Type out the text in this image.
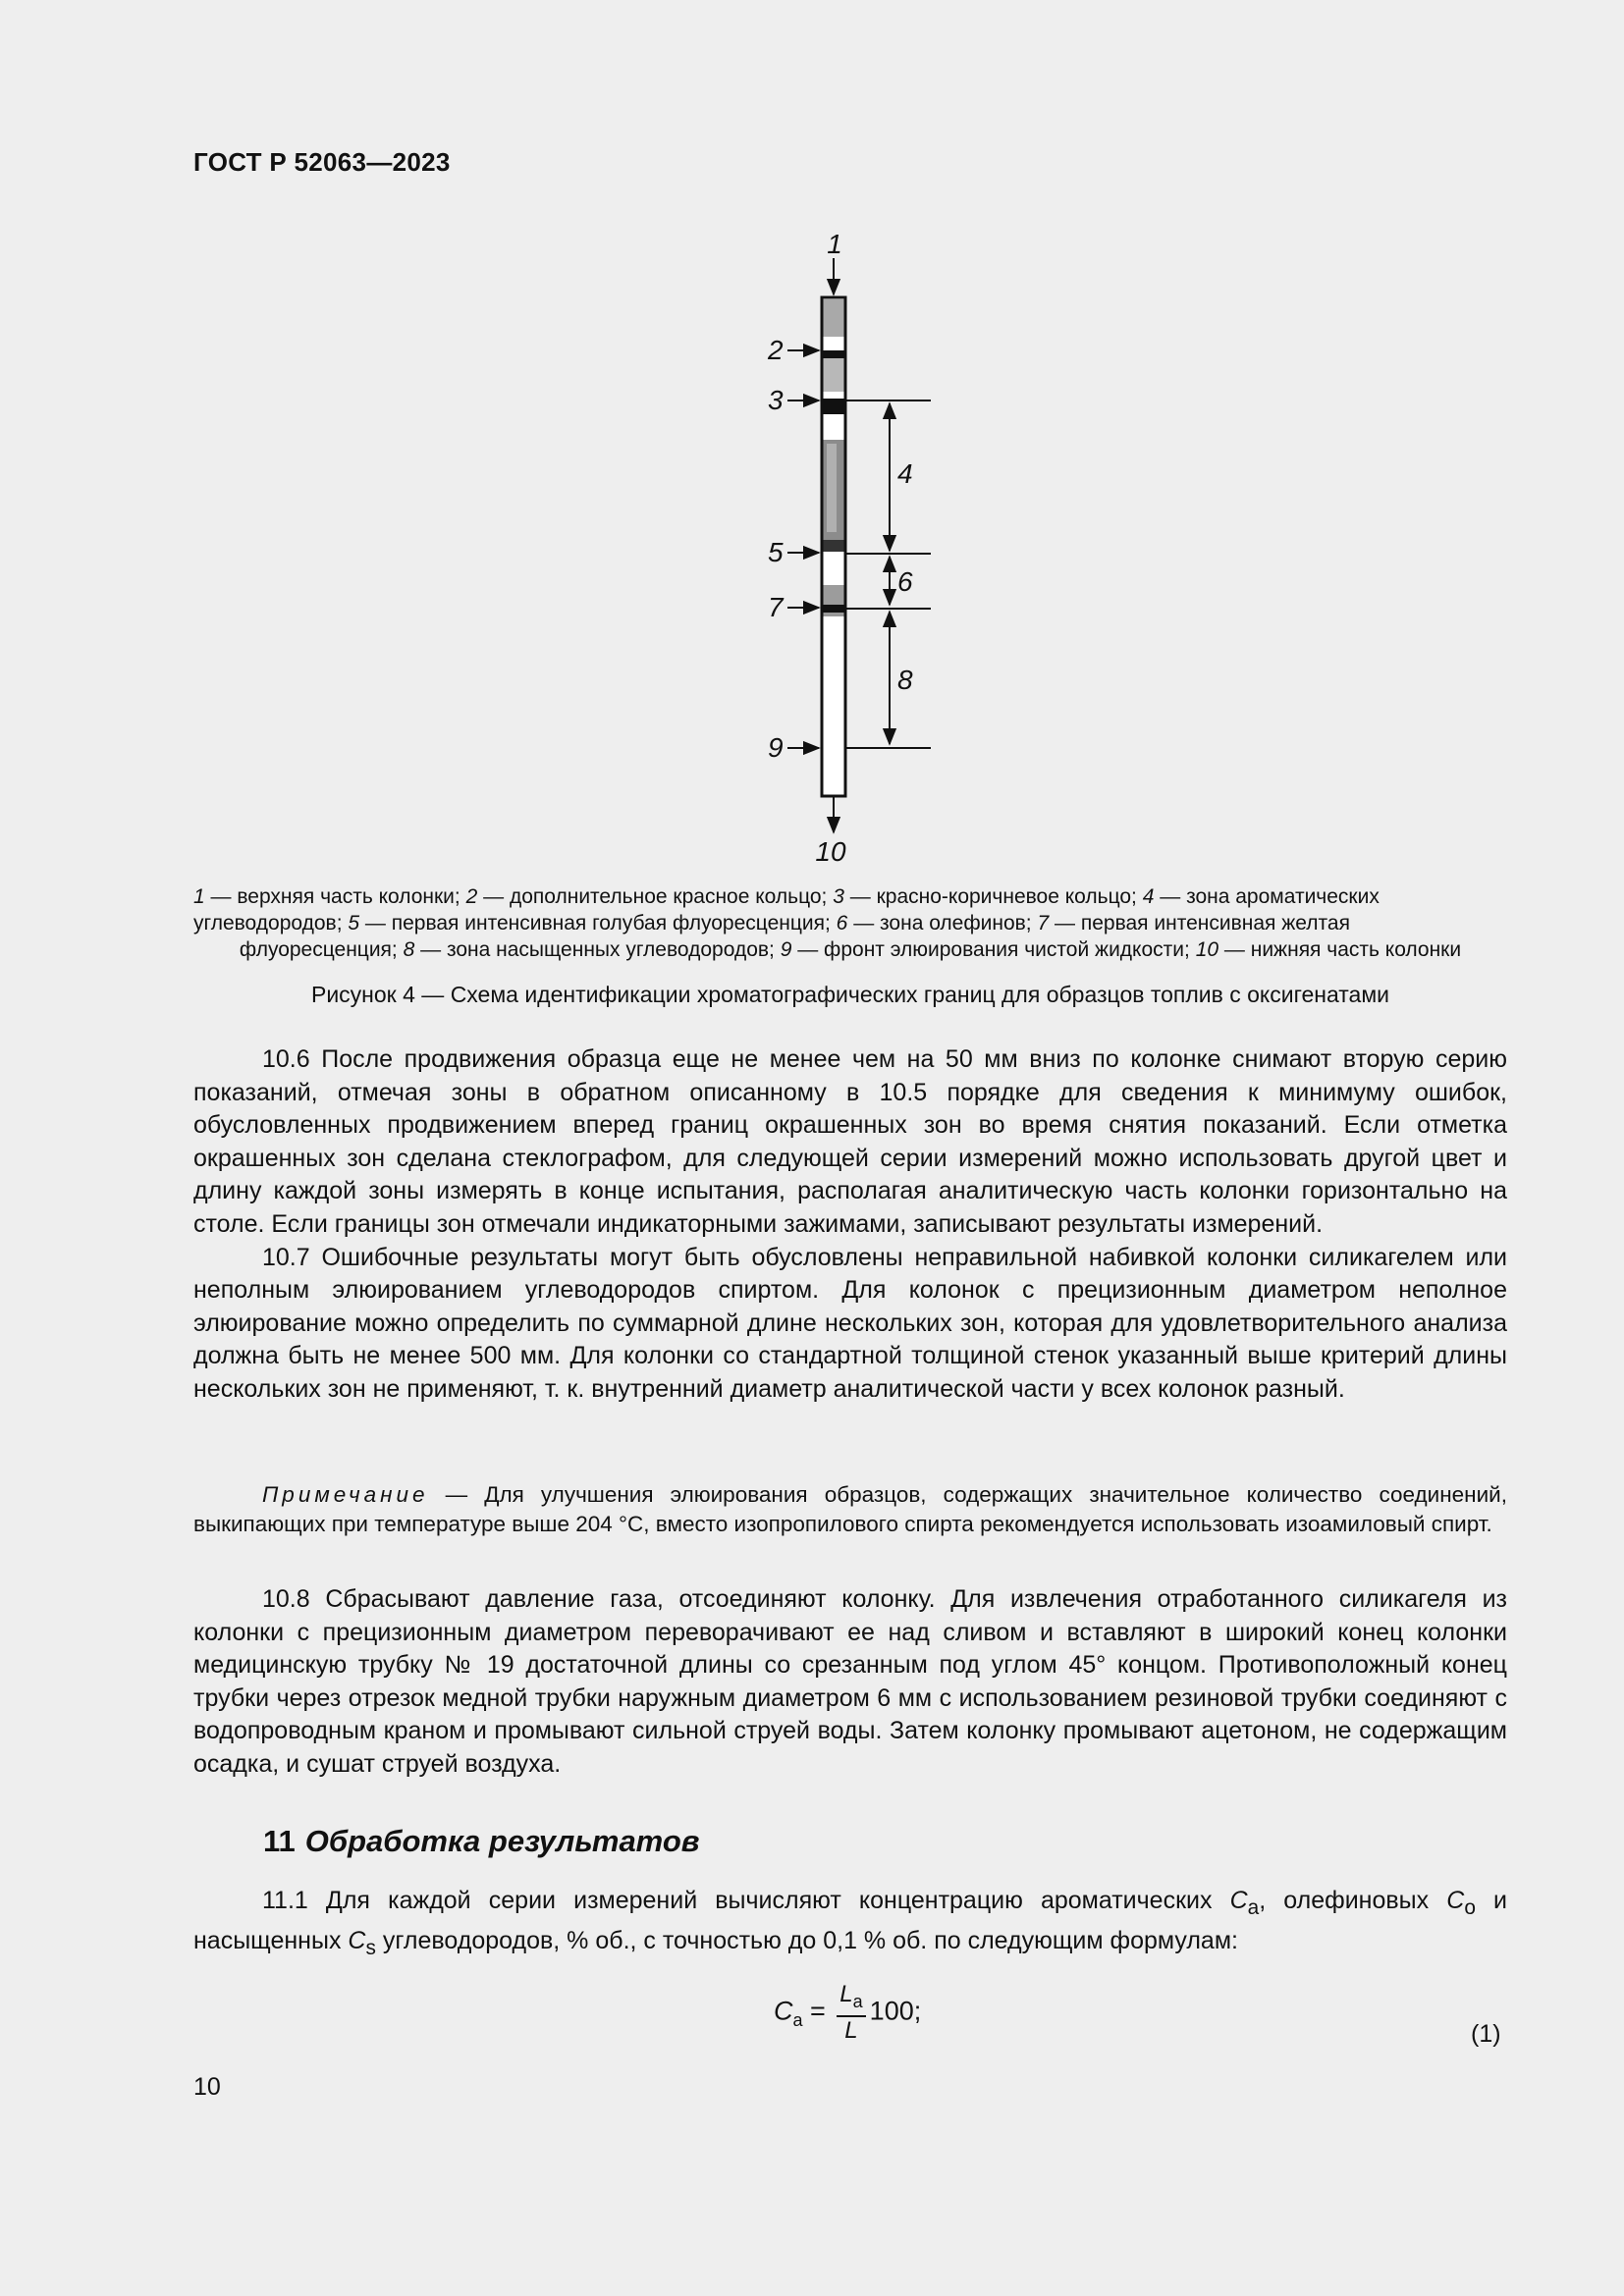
ГОСТ Р 52063—2023
1
2
3
4
5
6
7
8
9
10
1 — верхняя часть колонки; 2 — дополнительное красное кольцо; 3 — красно-коричневое кольцо; 4 — зона ароматических
углеводородов; 5 — первая интенсивная голубая флуоресценция; 6 — зона олефинов; 7 — первая интенсивная желтая
флуоресценция; 8 — зона насыщенных углеводородов; 9 — фронт элюирования чистой жидкости; 10 — нижняя часть колонки
Рисунок 4 — Схема идентификации хроматографических границ для образцов топлив с оксигенатами

10.6 После продвижения образца еще не менее чем на 50 мм вниз по колонке снимают вторую серию показаний, отмечая зоны в обратном описанному в 10.5 порядке для сведения к минимуму ошибок, обусловленных продвижением вперед границ окрашенных зон во время снятия показаний. Если отметка окрашенных зон сделана стеклографом, для следующей серии измерений можно использовать другой цвет и длину каждой зоны измерять в конце испытания, располагая аналитическую часть колонки горизонтально на столе. Если границы зон отмечали индикаторными зажимами, записывают результаты измерений.

10.7 Ошибочные результаты могут быть обусловлены неправильной набивкой колонки силикагелем или неполным элюированием углеводородов спиртом. Для колонок с прецизионным диаметром неполное элюирование можно определить по суммарной длине нескольких зон, которая для удовлетворительного анализа должна быть не менее 500 мм. Для колонки со стандартной толщиной стенок указанный выше критерий длины нескольких зон не применяют, т. к. внутренний диаметр аналитической части у всех колонок разный.

Примечание — Для улучшения элюирования образцов, содержащих значительное количество соединений, выкипающих при температуре выше 204 °С, вместо изопропилового спирта рекомендуется использовать изоамиловый спирт.

10.8 Сбрасывают давление газа, отсоединяют колонку. Для извлечения отработанного силикагеля из колонки с прецизионным диаметром переворачивают ее над сливом и вставляют в широкий конец колонки медицинскую трубку № 19 достаточной длины со срезанным под углом 45° концом. Противоположный конец трубки через отрезок медной трубки наружным диаметром 6 мм с использованием резиновой трубки соединяют с водопроводным краном и промывают сильной струей воды. Затем колонку промывают ацетоном, не содержащим осадка, и сушат струей воздуха.

11 Обработка результатов

11.1 Для каждой серии измерений вычисляют концентрацию ароматических $C_a$, олефиновых $C_o$ и насыщенных $C_s$ углеводородов, % об., с точностью до 0,1 % об. по следующим формулам:

$C_a = \frac{L_a}{L} 100$;
(1)
10
